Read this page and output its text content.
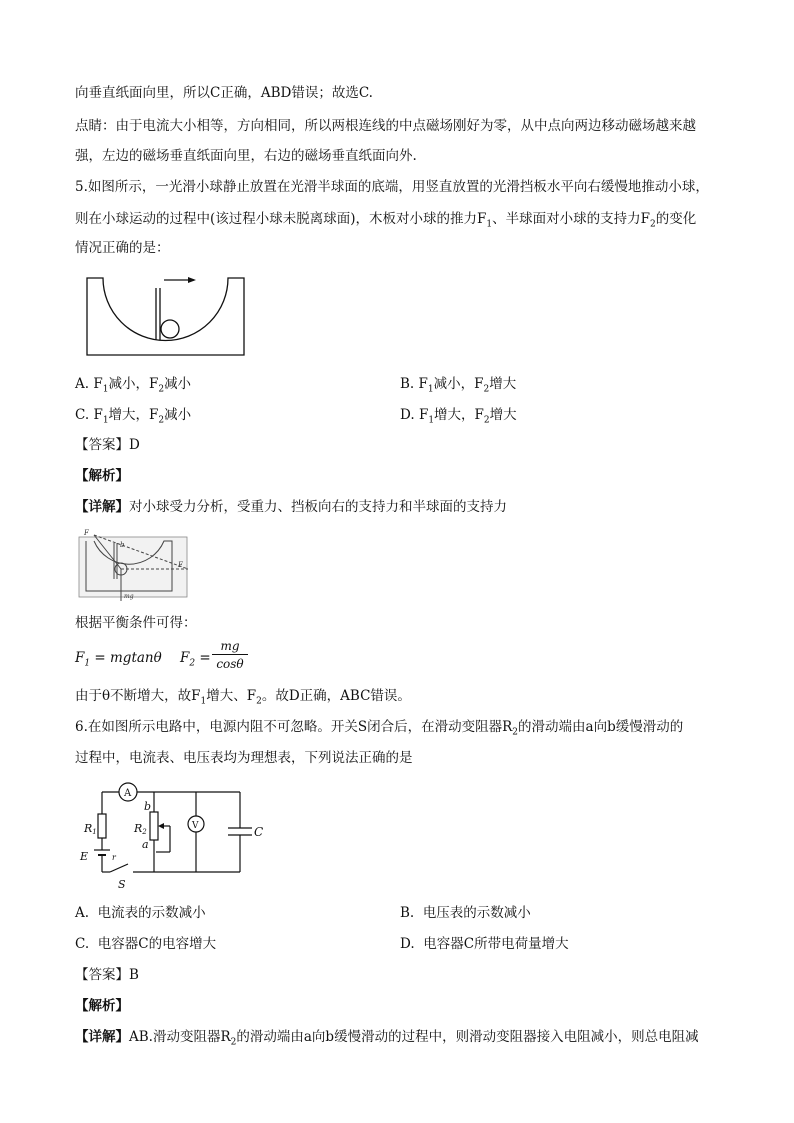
向垂直纸面向里，所以C正确，ABD错误；故选C.
点睛：由于电流大小相等，方向相同，所以两根连线的中点磁场刚好为零，从中点向两边移动磁场越来越
强，左边的磁场垂直纸面向里，右边的磁场垂直纸面向外.
5.如图所示，一光滑小球静止放置在光滑半球面的底端，用竖直放置的光滑挡板水平向右缓慢地推动小球，
则在小球运动的过程中(该过程小球未脱离球面)，木板对小球的推力$F_1$、半球面对小球的支持力$F_2$的变化
情况正确的是：
A. $F_1$减小，$F_2$减小	B. $F_1$减小，$F_2$增大
C. $F_1$增大，$F_2$减小	D. $F_1$增大，$F_2$增大
【答案】D
【解析】
【详解】对小球受力分析，受重力、挡板向右的支持力和半球面的支持力
F
F
mg
b
根据平衡条件可得：
$F_1 = mgtan\theta$ $F_2$ =
mg
cosθ
由于θ不断增大，故$F_1$增大、$F_2$。故D正确，ABC错误。
6.在如图所示电路中，电源内阻不可忽略。开关S闭合后，在滑动变阻器$R_2$的滑动端由a向b缓慢滑动的
过程中，电流表、电压表均为理想表，下列说法正确的是
A
V
R1	R2
b
a
C
E	r
S
A. 电流表的示数减小	B. 电压表的示数减小
C. 电容器C的电容增大	D. 电容器C所带电荷量增大
【答案】B
【解析】
【详解】AB.滑动变阻器$R_2$的滑动端由a向b缓慢滑动的过程中，则滑动变阻器接入电阻减小，则总电阻减
